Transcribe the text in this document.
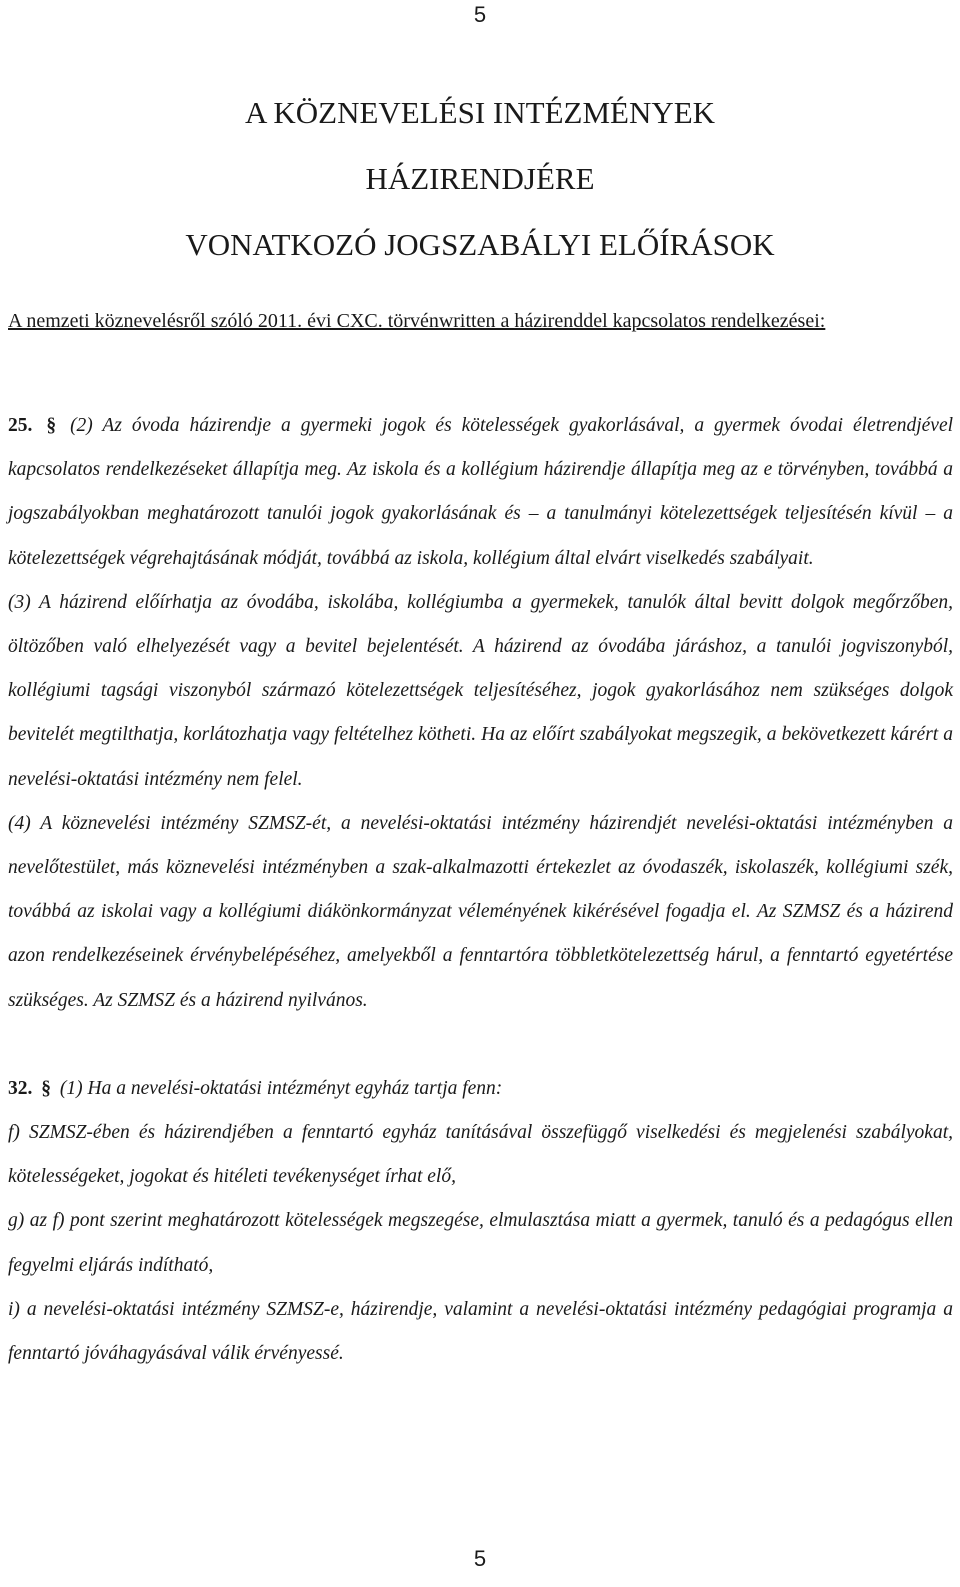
5
A KÖZNEVELÉSI INTÉZMÉNYEK
HÁZIRENDJÉRE
VONATKOZÓ JOGSZABÁLYI ELŐÍRÁSOK

A nemzeti köznevelésről szóló 2011. évi CXC. törvénwritten a házirenddel kapcsolatos rendelkezései:

25. § (2) Az óvoda házirendje a gyermeki jogok és kötelességek gyakorlásával, a gyermek óvodai életrendjével kapcsolatos rendelkezéseket állapítja meg. Az iskola és a kollégium házirendje állapítja meg az e törvényben, továbbá a jogszabályokban meghatározott tanulói jogok gyakorlásának és – a tanulmányi kötelezettségek teljesítésén kívül – a kötelezettségek végrehajtásának módját, továbbá az iskola, kollégium által elvárt viselkedés szabályait.

(3) A házirend előírhatja az óvodába, iskolába, kollégiumba a gyermekek, tanulók által bevitt dolgok megőrzőben, öltözőben való elhelyezését vagy a bevitel bejelentését. A házirend az óvodába járáshoz, a tanulói jogviszonyból, kollégiumi tagsági viszonyból származó kötelezettségek teljesítéséhez, jogok gyakorlásához nem szükséges dolgok bevitelét megtilthatja, korlátozhatja vagy feltételhez kötheti. Ha az előírt szabályokat megszegik, a bekövetkezett kárért a nevelési-oktatási intézmény nem felel.

(4) A köznevelési intézmény SZMSZ-ét, a nevelési-oktatási intézmény házirendjét nevelési-oktatási intézményben a nevelőtestület, más köznevelési intézményben a szak-alkalmazotti értekezlet az óvodaszék, iskolaszék, kollégiumi szék, továbbá az iskolai vagy a kollégiumi diákönkormányzat véleményének kikérésével fogadja el. Az SZMSZ és a házirend azon rendelkezéseinek érvénybelépéséhez, amelyekből a fenntartóra többletkötelezettség hárul, a fenntartó egyetértése szükséges. Az SZMSZ és a házirend nyilvános.

32. § (1) Ha a nevelési-oktatási intézményt egyház tartja fenn:

f) SZMSZ-ében és házirendjében a fenntartó egyház tanításával összefüggő viselkedési és megjelenési szabályokat, kötelességeket, jogokat és hitéleti tevékenységet írhat elő,

g) az f) pont szerint meghatározott kötelességek megszegése, elmulasztása miatt a gyermek, tanuló és a pedagógus ellen fegyelmi eljárás indítható,

i) a nevelési-oktatási intézmény SZMSZ-e, házirendje, valamint a nevelési-oktatási intézmény pedagógiai programja a fenntartó jóváhagyásával válik érvényessé.

5
